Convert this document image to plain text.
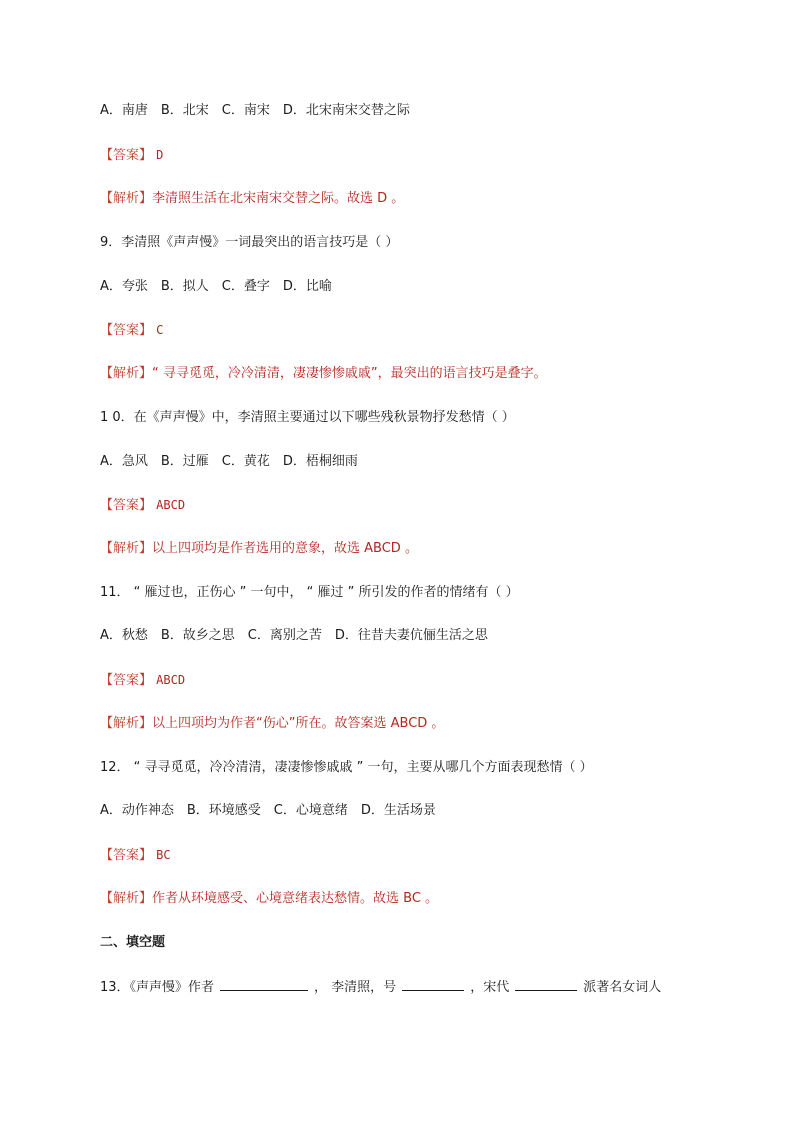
A．南唐　B．北宋　C．南宋　D．北宋南宋交替之际
【答案】 D
【解析】李清照生活在北宋南宋交替之际。故选 D 。
9．李清照《声声慢》一词最突出的语言技巧是（ ）
A．夸张　B．拟人　C．叠字　D．比喻
【答案】 C
【解析】“ 寻寻觅觅，冷冷清清，凄凄惨惨戚戚”，最突出的语言技巧是叠字。
1 0．在《声声慢》中，李清照主要通过以下哪些残秋景物抒发愁情（ ）
A．急风　B．过雁　C．黄花　D．梧桐细雨
【答案】 ABCD
【解析】以上四项均是作者选用的意象，故选 ABCD 。
11． “ 雁过也，正伤心 ” 一句中， “ 雁过 ” 所引发的作者的情绪有（ ）
A．秋愁　B．故乡之思　C．离别之苦　D．往昔夫妻伉俪生活之思
【答案】 ABCD
【解析】以上四项均为作者“伤心”所在。故答案选 ABCD 。
12． “ 寻寻觅觅，冷冷清清，凄凄惨惨戚戚 ” 一句，主要从哪几个方面表现愁情（ ）
A．动作神态　B．环境感受　C．心境意绪　D．生活场景
【答案】 BC
【解析】作者从环境感受、心境意绪表达愁情。故选 BC 。
二、填空题
13．《声声慢》作者	， 李清照，号	，宋代	派著名女词人
